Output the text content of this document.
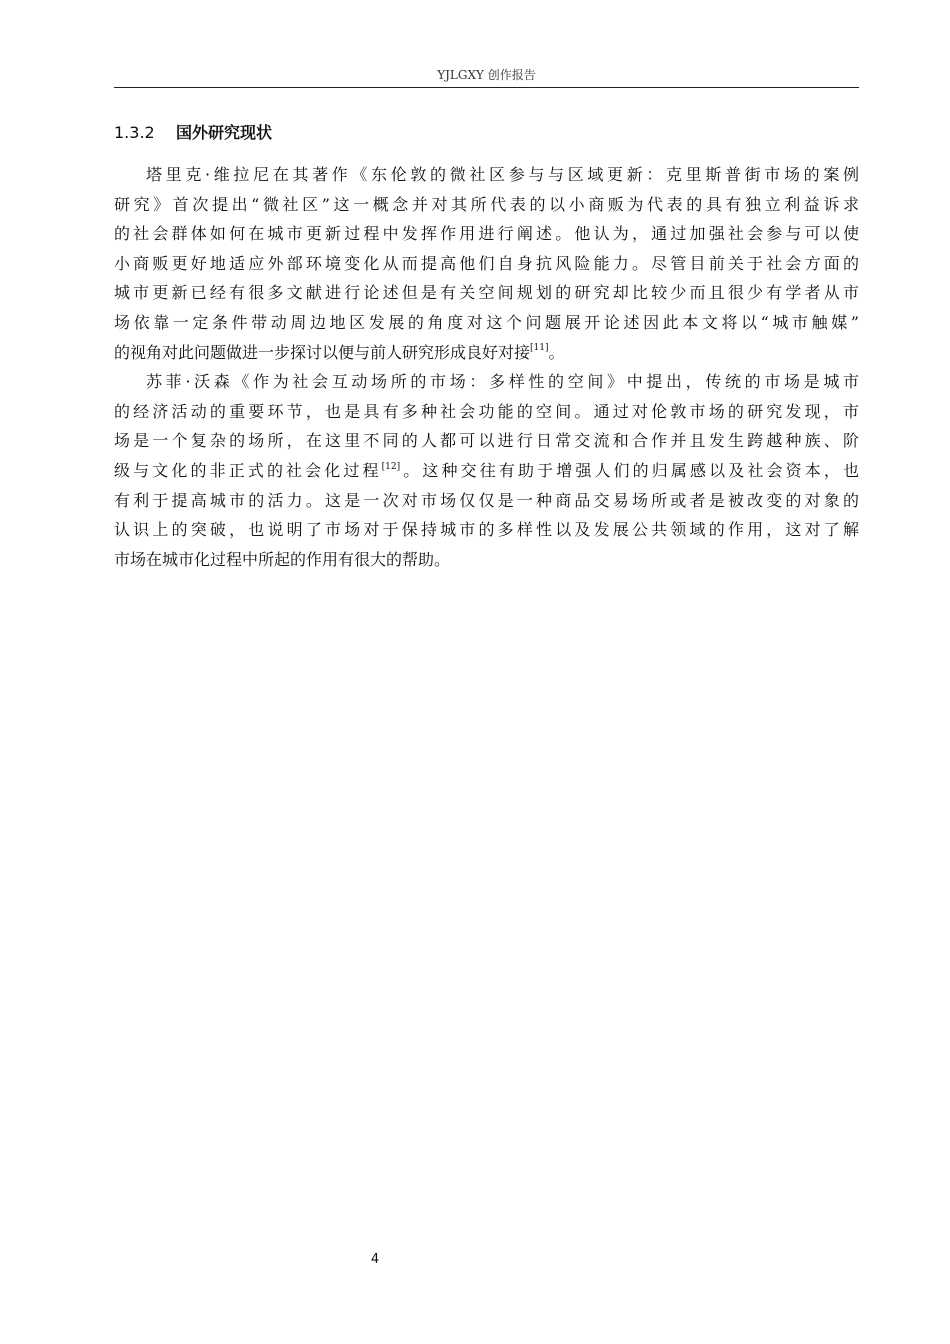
YJLGXY 创作报告
1.3.2 国外研究现状

塔里克·维拉尼在其著作《东伦敦的微社区参与与区域更新：克里斯普街市场的案例
研究》首次提出“微社区”这一概念并对其所代表的以小商贩为代表的具有独立利益诉求
的社会群体如何在城市更新过程中发挥作用进行阐述。他认为，通过加强社会参与可以使
小商贩更好地适应外部环境变化从而提高他们自身抗风险能力。尽管目前关于社会方面的
城市更新已经有很多文献进行论述但是有关空间规划的研究却比较少而且很少有学者从市
场依靠一定条件带动周边地区发展的角度对这个问题展开论述因此本文将以“城市触媒”
的视角对此问题做进一步探讨以便与前人研究形成良好对接[11]。

苏菲·沃森《作为社会互动场所的市场：多样性的空间》中提出，传统的市场是城市
的经济活动的重要环节，也是具有多种社会功能的空间。通过对伦敦市场的研究发现，市
场是一个复杂的场所，在这里不同的人都可以进行日常交流和合作并且发生跨越种族、阶
级与文化的非正式的社会化过程[12]。这种交往有助于增强人们的归属感以及社会资本，也
有利于提高城市的活力。这是一次对市场仅仅是一种商品交易场所或者是被改变的对象的
认识上的突破，也说明了市场对于保持城市的多样性以及发展公共领域的作用，这对了解
市场在城市化过程中所起的作用有很大的帮助。

4
